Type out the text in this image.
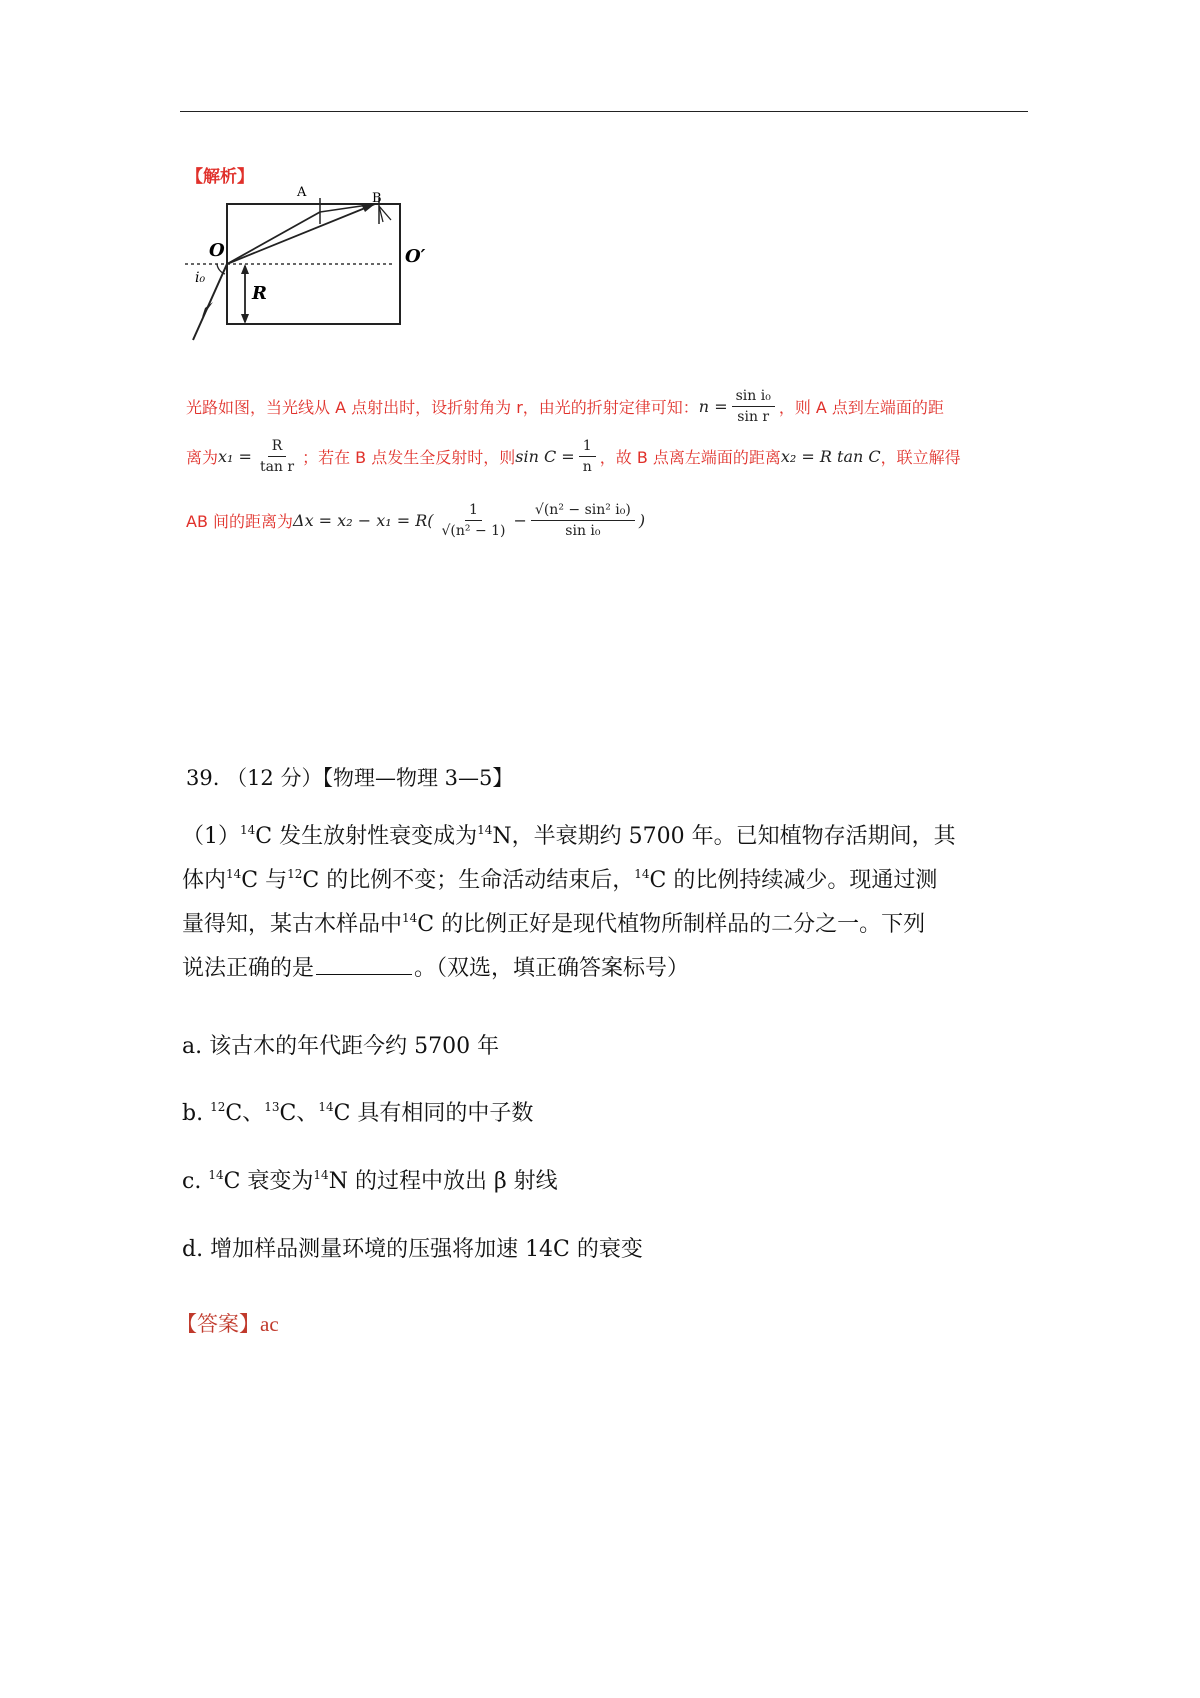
【解析】
A	B
O	O′
i₀
R
光路如图，当光线从 A 点射出时，设折射角为 r，由光的折射定律可知： $n = \frac{\text{sin i₀}}{\text{sin r}}$ ，则 A 点到左端面的距
离为 $x_1 = \frac{R}{\text{tan r}}$ ；若在 B 点发生全反射时，则 $\sin C = \frac{1}{n}$ ，故 B 点离左端面的距离 x₂ = R tan C ，联立解得
AB 间的距离为 $\Delta x = x_2 - x_1 = R( \frac{1}{\text{√(n² − 1)}} - \frac{\text{√(n² − sin² i₀)}}{\text{sin i₀}}$ )
39. （12 分）【物理—物理 3—5】

$(1)^{14}C$ 发生放射性衰变成为$^{14}$N，半衰期约 5700 年。已知植物存活期间，其

体内$^{14}$C 与$^{12}$C 的比例不变；生命活动结束后，$^{14}$C 的比例持续减少。现通过测

量得知，某古木样品中$^{14}$C 的比例正好是现代植物所制样品的二分之一。下列

说法正确的是	。（双选，填正确答案标号）

a. 该古木的年代距今约 5700 年
b. $^{12}$C、$^{13}$C、$^{14}$C 具有相同的中子数
c. $^{14}$C 衰变为$^{14}$N 的过程中放出 β 射线
d. 增加样品测量环境的压强将加速 14C 的衰变
【答案】ac
